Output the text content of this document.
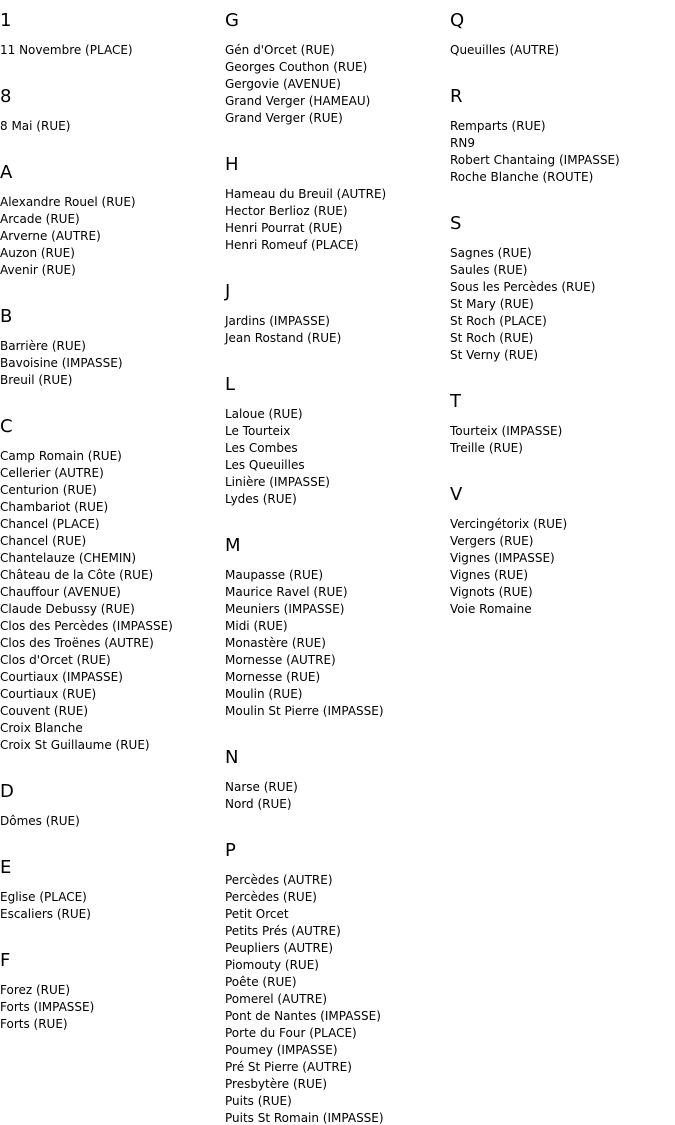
1
11 Novembre (PLACE)
8
8 Mai (RUE)
A
Alexandre Rouel (RUE)
Arcade (RUE)
Arverne (AUTRE)
Auzon (RUE)
Avenir (RUE)
B
Barrière (RUE)
Bavoisine (IMPASSE)
Breuil (RUE)
C
Camp Romain (RUE)
Cellerier (AUTRE)
Centurion (RUE)
Chambariot (RUE)
Chancel (PLACE)
Chancel (RUE)
Chantelauze (CHEMIN)
Château de la Côte (RUE)
Chauffour (AVENUE)
Claude Debussy (RUE)
Clos des Percèdes (IMPASSE)
Clos des Troënes (AUTRE)
Clos d'Orcet (RUE)
Courtiaux (IMPASSE)
Courtiaux (RUE)
Couvent (RUE)
Croix Blanche
Croix St Guillaume (RUE)
D
Dômes (RUE)
E
Eglise (PLACE)
Escaliers (RUE)
F
Forez (RUE)
Forts (IMPASSE)
Forts (RUE)
G
Gén d'Orcet (RUE)
Georges Couthon (RUE)
Gergovie (AVENUE)
Grand Verger (HAMEAU)
Grand Verger (RUE)
H
Hameau du Breuil (AUTRE)
Hector Berlioz (RUE)
Henri Pourrat (RUE)
Henri Romeuf (PLACE)
J
Jardins (IMPASSE)
Jean Rostand (RUE)
L
Laloue (RUE)
Le Tourteix
Les Combes
Les Queuilles
Linière (IMPASSE)
Lydes (RUE)
M
Maupasse (RUE)
Maurice Ravel (RUE)
Meuniers (IMPASSE)
Midi (RUE)
Monastère (RUE)
Mornesse (AUTRE)
Mornesse (RUE)
Moulin (RUE)
Moulin St Pierre (IMPASSE)
N
Narse (RUE)
Nord (RUE)
P
Percèdes (AUTRE)
Percèdes (RUE)
Petit Orcet
Petits Prés (AUTRE)
Peupliers (AUTRE)
Piomouty (RUE)
Poête (RUE)
Pomerel (AUTRE)
Pont de Nantes (IMPASSE)
Porte du Four (PLACE)
Poumey (IMPASSE)
Pré St Pierre (AUTRE)
Presbytère (RUE)
Puits (RUE)
Puits St Romain (IMPASSE)
Q
Queuilles (AUTRE)
R
Remparts (RUE)
RN9
Robert Chantaing (IMPASSE)
Roche Blanche (ROUTE)
S
Sagnes (RUE)
Saules (RUE)
Sous les Percèdes (RUE)
St Mary (RUE)
St Roch (PLACE)
St Roch (RUE)
St Verny (RUE)
T
Tourteix (IMPASSE)
Treille (RUE)
V
Vercingétorix (RUE)
Vergers (RUE)
Vignes (IMPASSE)
Vignes (RUE)
Vignots (RUE)
Voie Romaine
